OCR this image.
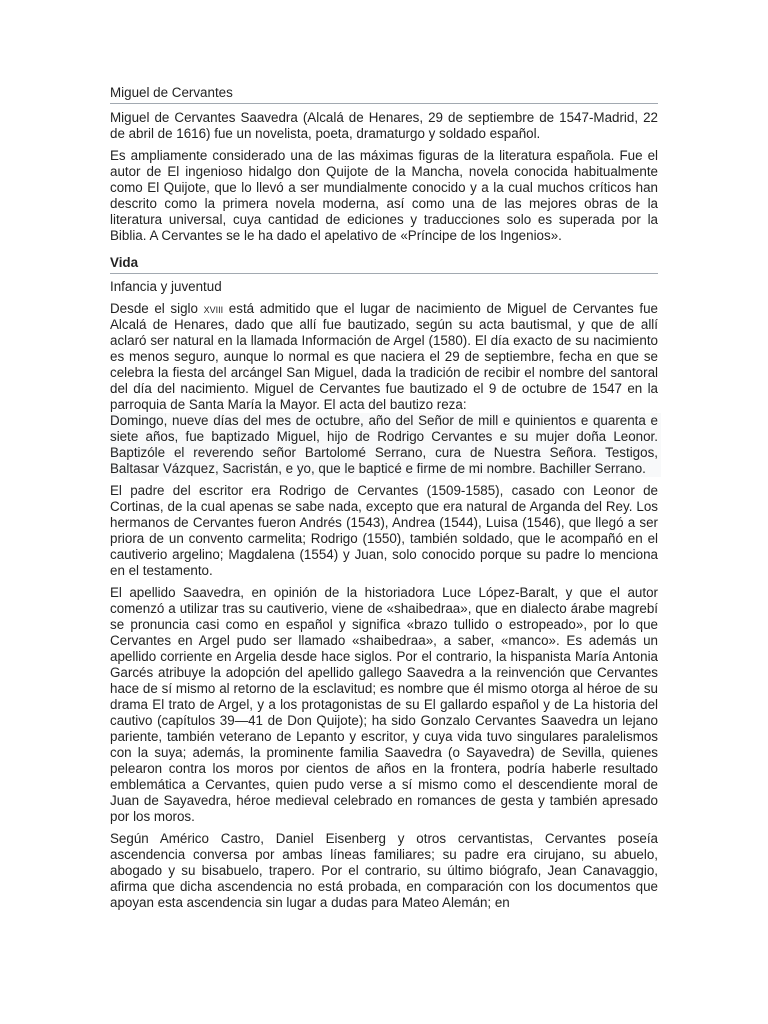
Miguel de Cervantes

Miguel de Cervantes Saavedra (Alcalá de Henares, 29 de septiembre de 1547-Madrid, 22 de abril de 1616) fue un novelista, poeta, dramaturgo y soldado español.

Es ampliamente considerado una de las máximas figuras de la literatura española. Fue el autor de El ingenioso hidalgo don Quijote de la Mancha, novela conocida habitualmente como El Quijote, que lo llevó a ser mundialmente conocido y a la cual muchos críticos han descrito como la primera novela moderna, así como una de las mejores obras de la literatura universal, cuya cantidad de ediciones y traducciones solo es superada por la Biblia. A Cervantes se le ha dado el apelativo de «Príncipe de los Ingenios».

Vida
Infancia y juventud

Desde el siglo xviii está admitido que el lugar de nacimiento de Miguel de Cervantes fue Alcalá de Henares, dado que allí fue bautizado, según su acta bautismal, y que de allí aclaró ser natural en la llamada Información de Argel (1580). El día exacto de su nacimiento es menos seguro, aunque lo normal es que naciera el 29 de septiembre, fecha en que se celebra la fiesta del arcángel San Miguel, dada la tradición de recibir el nombre del santoral del día del nacimiento. Miguel de Cervantes fue bautizado el 9 de octubre de 1547 en la parroquia de Santa María la Mayor. El acta del bautizo reza:

Domingo, nueve días del mes de octubre, año del Señor de mill e quinientos e quarenta e siete años, fue baptizado Miguel, hijo de Rodrigo Cervantes e su mujer doña Leonor. Baptizóle el reverendo señor Bartolomé Serrano, cura de Nuestra Señora. Testigos, Baltasar Vázquez, Sacristán, e yo, que le bapticé e firme de mi nombre. Bachiller Serrano.

El padre del escritor era Rodrigo de Cervantes (1509-1585), casado con Leonor de Cortinas, de la cual apenas se sabe nada, excepto que era natural de Arganda del Rey. Los hermanos de Cervantes fueron Andrés (1543), Andrea (1544), Luisa (1546), que llegó a ser priora de un convento carmelita; Rodrigo (1550), también soldado, que le acompañó en el cautiverio argelino; Magdalena (1554) y Juan, solo conocido porque su padre lo menciona en el testamento.

El apellido Saavedra, en opinión de la historiadora Luce López-Baralt, y que el autor comenzó a utilizar tras su cautiverio, viene de «shaibedraa», que en dialecto árabe magrebí se pronuncia casi como en español y significa «brazo tullido o estropeado», por lo que Cervantes en Argel pudo ser llamado «shaibedraa», a saber, «manco». Es además un apellido corriente en Argelia desde hace siglos. Por el contrario, la hispanista María Antonia Garcés atribuye la adopción del apellido gallego Saavedra a la reinvención que Cervantes hace de sí mismo al retorno de la esclavitud; es nombre que él mismo otorga al héroe de su drama El trato de Argel, y a los protagonistas de su El gallardo español y de La historia del cautivo (capítulos 39—41 de Don Quijote); ha sido Gonzalo Cervantes Saavedra un lejano pariente, también veterano de Lepanto y escritor, y cuya vida tuvo singulares paralelismos con la suya; además, la prominente familia Saavedra (o Sayavedra) de Sevilla, quienes pelearon contra los moros por cientos de años en la frontera, podría haberle resultado emblemática a Cervantes, quien pudo verse a sí mismo como el descendiente moral de Juan de Sayavedra, héroe medieval celebrado en romances de gesta y también apresado por los moros.

Según Américo Castro, Daniel Eisenberg y otros cervantistas, Cervantes poseía ascendencia conversa por ambas líneas familiares; su padre era cirujano, su abuelo, abogado y su bisabuelo, trapero. Por el contrario, su último biógrafo, Jean Canavaggio, afirma que dicha ascendencia no está probada, en comparación con los documentos que apoyan esta ascendencia sin lugar a dudas para Mateo Alemán; en
